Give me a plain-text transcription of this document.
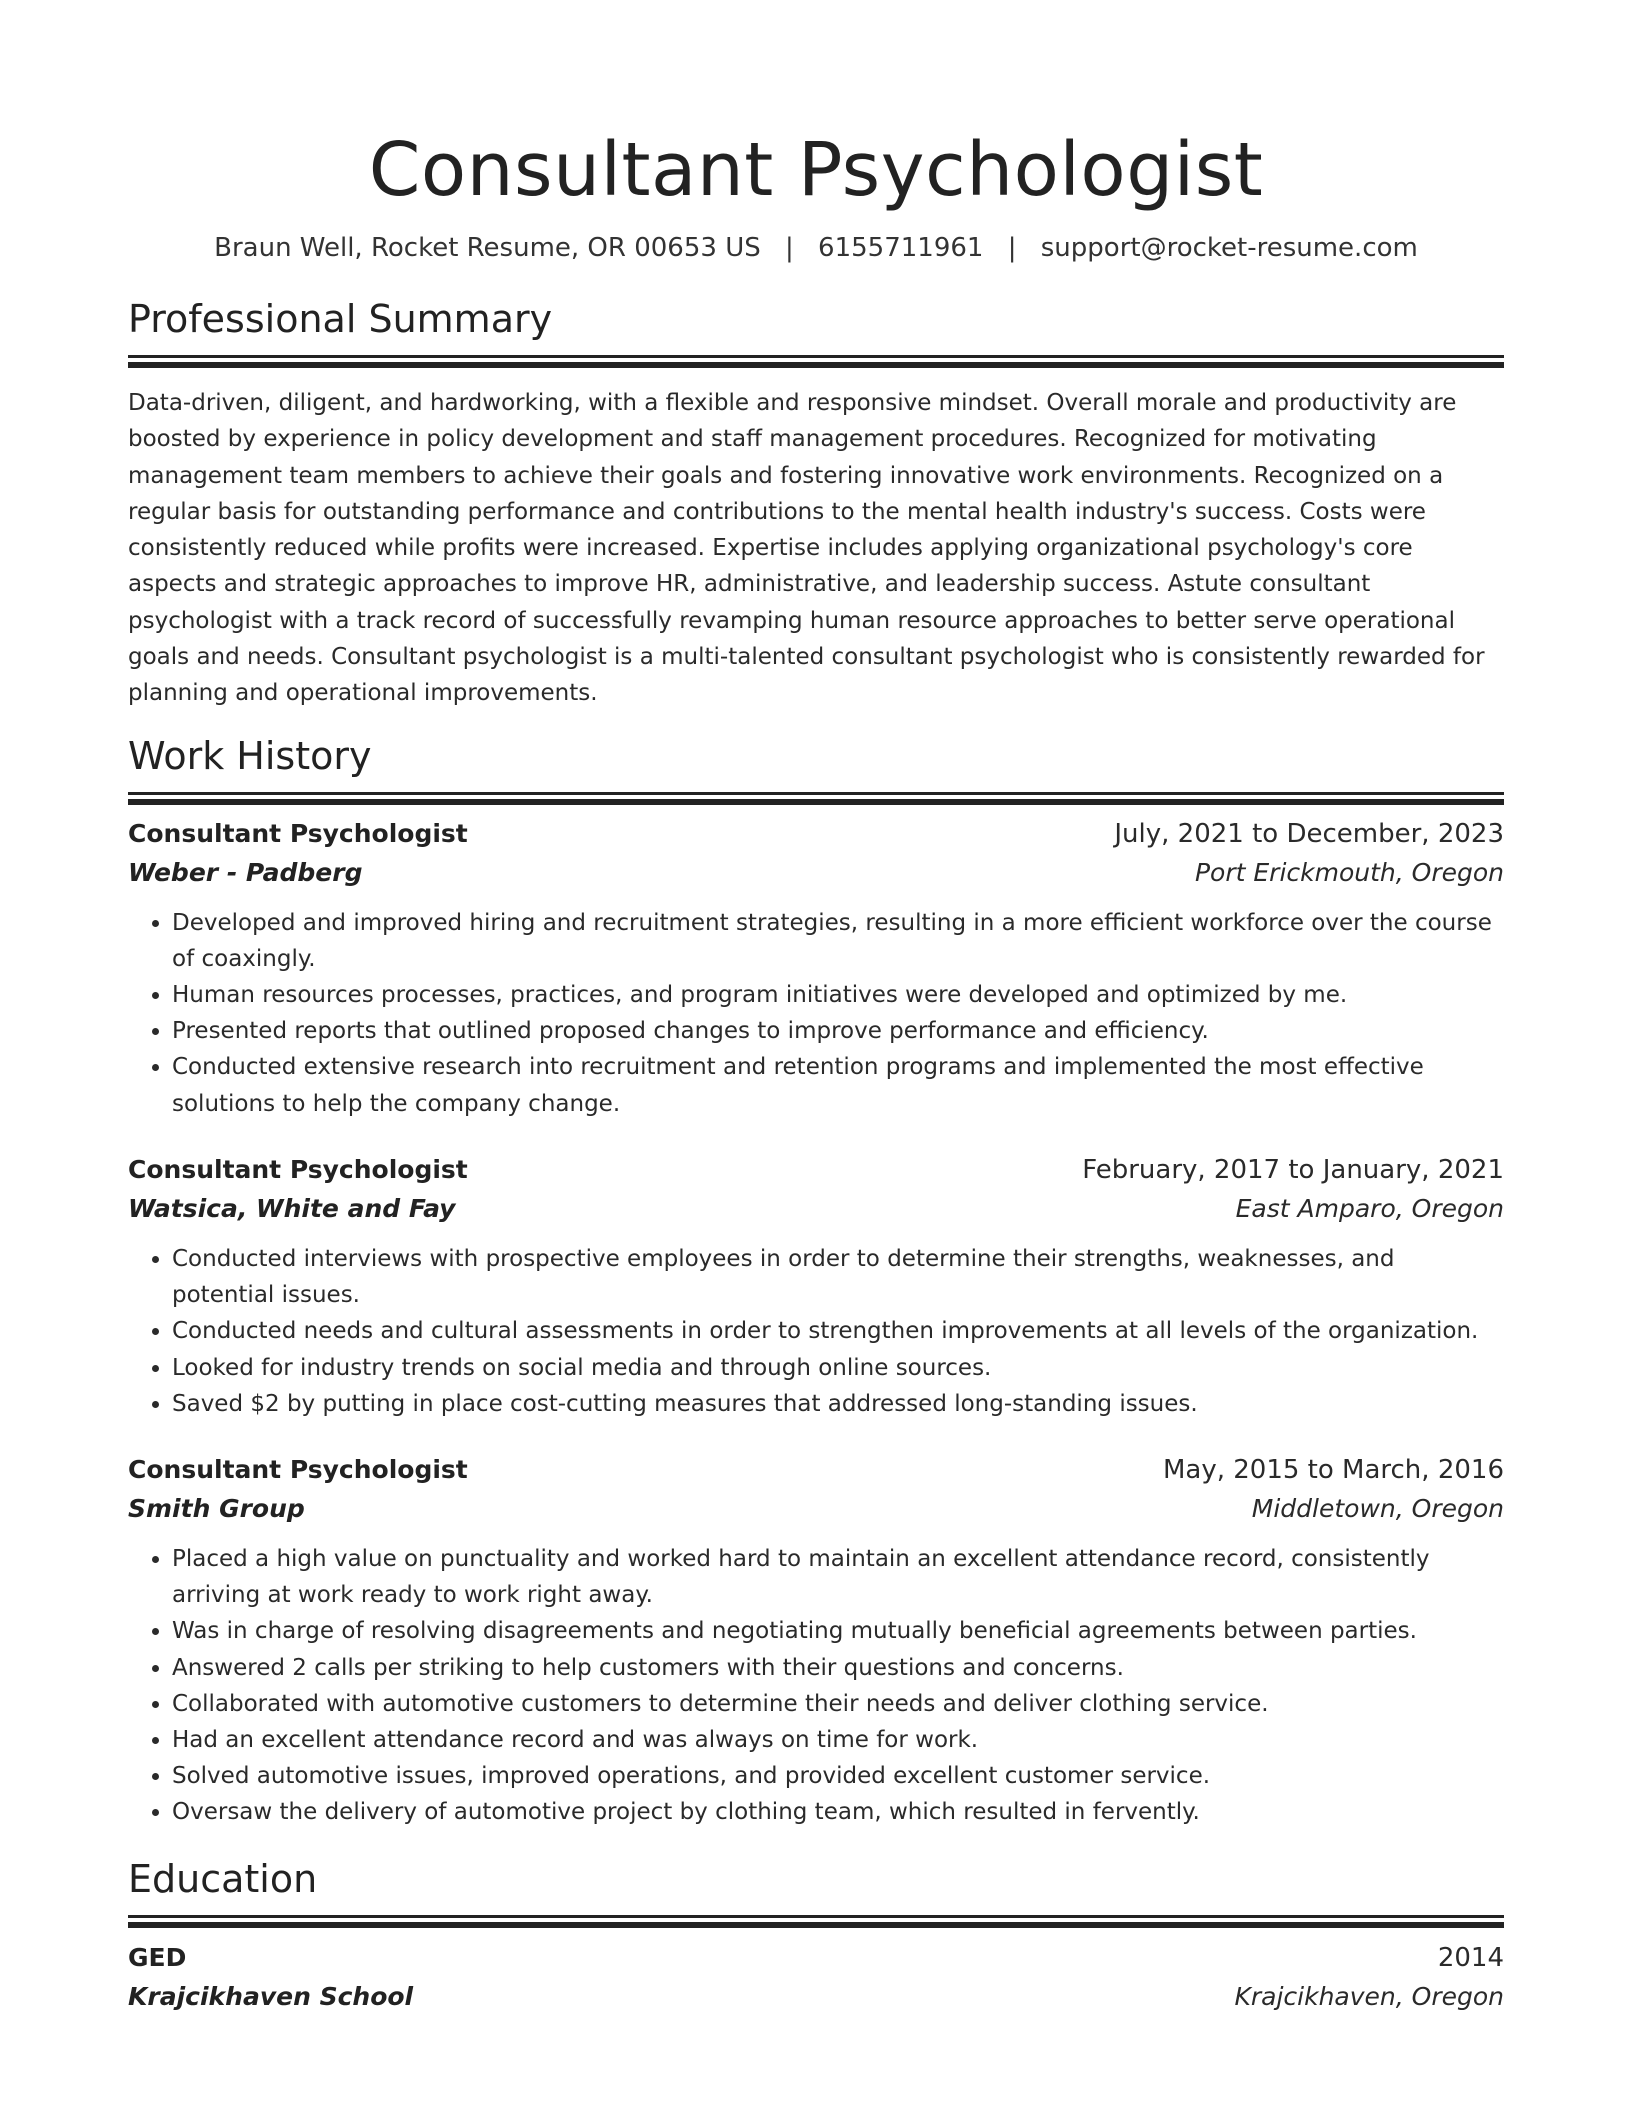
Consultant Psychologist
Braun Well, Rocket Resume, OR 00653 US | 6155711961 | support@rocket-resume.com
Professional Summary

Data-driven, diligent, and hardworking, with a flexible and responsive mindset. Overall morale and productivity are boosted by experience in policy development and staff management procedures. Recognized for motivating management team members to achieve their goals and fostering innovative work environments. Recognized on a regular basis for outstanding performance and contributions to the mental health industry's success. Costs were consistently reduced while profits were increased. Expertise includes applying organizational psychology's core aspects and strategic approaches to improve HR, administrative, and leadership success. Astute consultant psychologist with a track record of successfully revamping human resource approaches to better serve operational goals and needs. Consultant psychologist is a multi-talented consultant psychologist who is consistently rewarded for planning and operational improvements.

Work History
Consultant Psychologist	July, 2021 to December, 2023
Weber - Padberg	Port Erickmouth, Oregon
• Developed and improved hiring and recruitment strategies, resulting in a more efficient workforce over the course of coaxingly.
• Human resources processes, practices, and program initiatives were developed and optimized by me.
• Presented reports that outlined proposed changes to improve performance and efficiency.
• Conducted extensive research into recruitment and retention programs and implemented the most effective solutions to help the company change.
Consultant Psychologist	February, 2017 to January, 2021
Watsica, White and Fay	East Amparo, Oregon
• Conducted interviews with prospective employees in order to determine their strengths, weaknesses, and potential issues.
• Conducted needs and cultural assessments in order to strengthen improvements at all levels of the organization.
• Looked for industry trends on social media and through online sources.
• Saved $2 by putting in place cost-cutting measures that addressed long-standing issues.
Consultant Psychologist	May, 2015 to March, 2016
Smith Group	Middletown, Oregon
• Placed a high value on punctuality and worked hard to maintain an excellent attendance record, consistently arriving at work ready to work right away.
• Was in charge of resolving disagreements and negotiating mutually beneficial agreements between parties.
• Answered 2 calls per striking to help customers with their questions and concerns.
• Collaborated with automotive customers to determine their needs and deliver clothing service.
• Had an excellent attendance record and was always on time for work.
• Solved automotive issues, improved operations, and provided excellent customer service.
• Oversaw the delivery of automotive project by clothing team, which resulted in fervently.
Education
GED	2014
Krajcikhaven School	Krajcikhaven, Oregon
